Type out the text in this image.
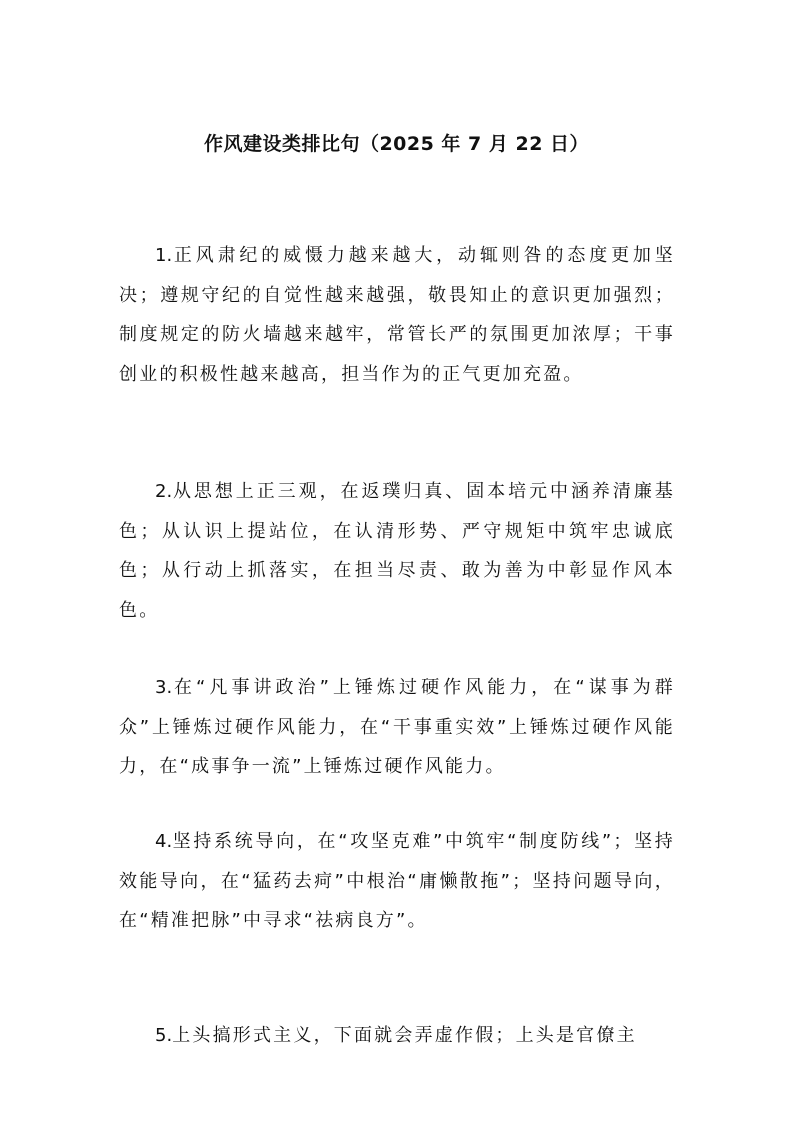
作风建设类排比句（2025 年 7 月 22 日）

1.正风肃纪的威慑力越来越大，动辄则咎的态度更加坚决；遵规守纪的自觉性越来越强，敬畏知止的意识更加强烈；制度规定的防火墙越来越牢，常管长严的氛围更加浓厚；干事创业的积极性越来越高，担当作为的正气更加充盈。

2.从思想上正三观，在返璞归真、固本培元中涵养清廉基色；从认识上提站位，在认清形势、严守规矩中筑牢忠诚底色；从行动上抓落实，在担当尽责、敢为善为中彰显作风本色。

3.在“凡事讲政治”上锤炼过硬作风能力，在“谋事为群众”上锤炼过硬作风能力，在“干事重实效”上锤炼过硬作风能力，在“成事争一流”上锤炼过硬作风能力。

4.坚持系统导向，在“攻坚克难”中筑牢“制度防线”；坚持效能导向，在“猛药去疴”中根治“庸懒散拖”；坚持问题导向，在“精准把脉”中寻求“祛病良方”。

5.上头搞形式主义，下面就会弄虚作假；上头是官僚主
